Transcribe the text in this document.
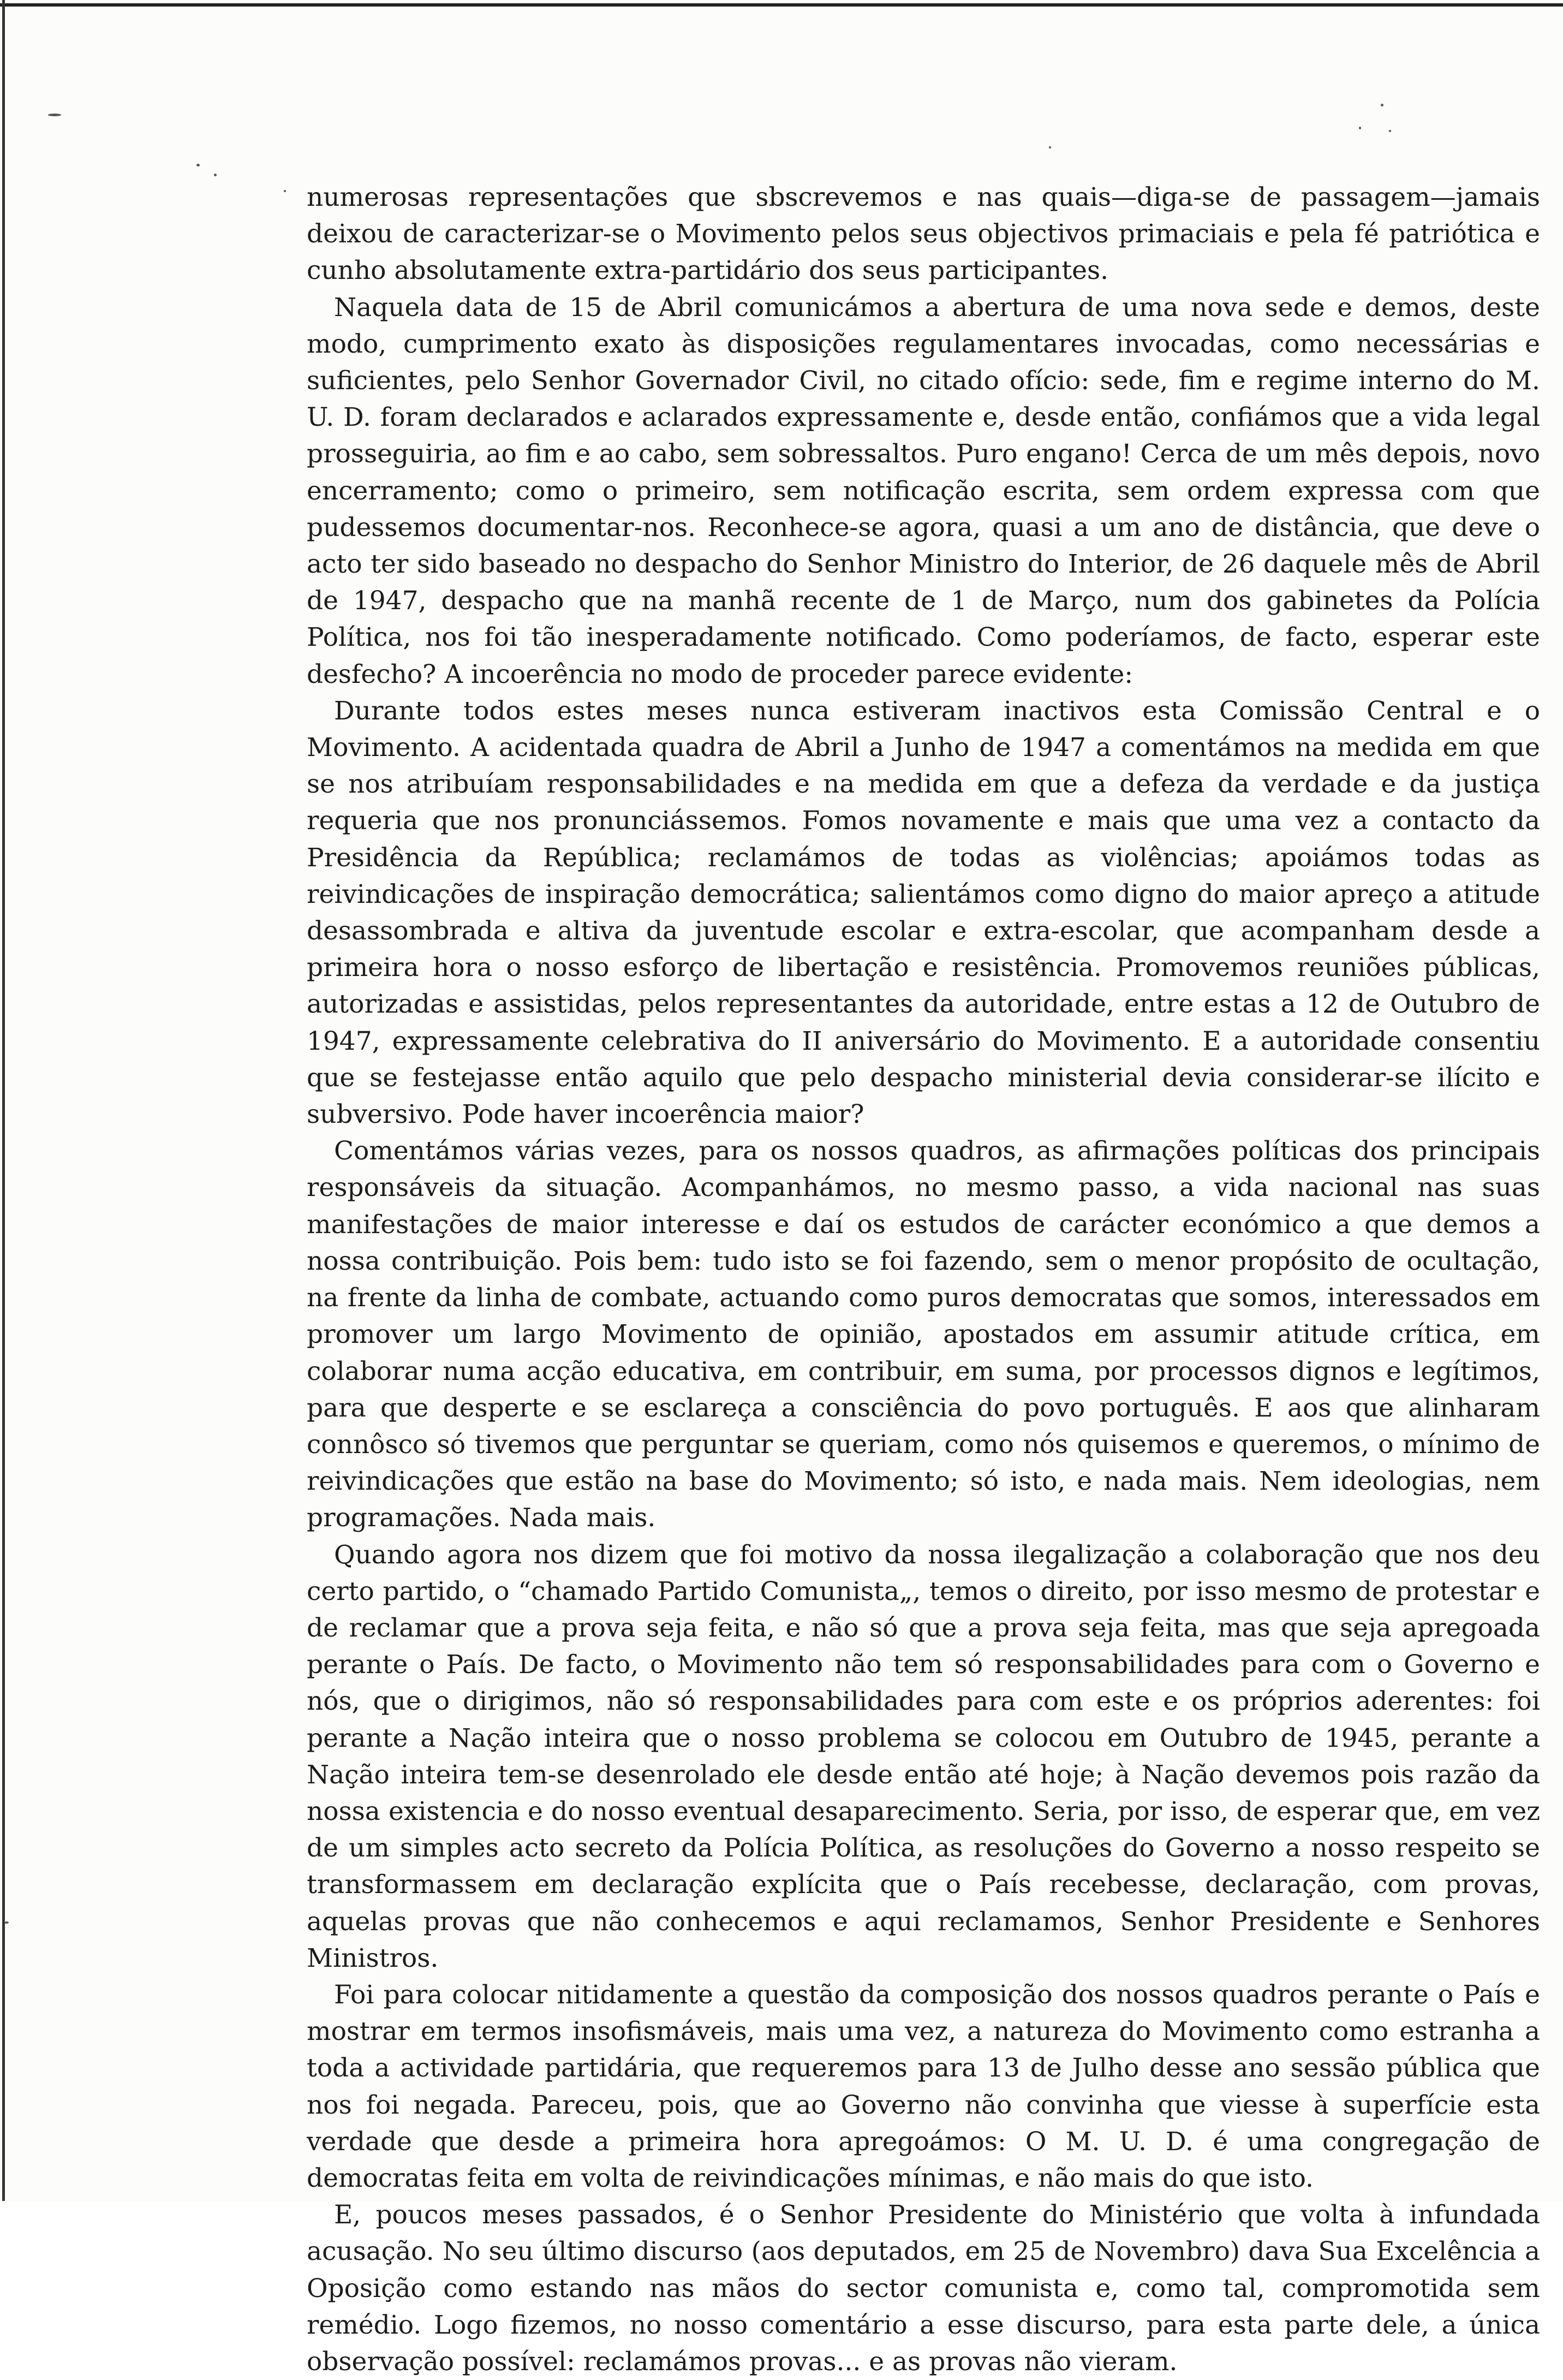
numerosas representações que sbscrevemos e nas quais—diga-se de passagem—jamais deixou de caracterizar-se o Movimento pelos seus objectivos primaciais e pela fé patriótica e cunho absolutamente extra-partidário dos seus participantes.

Naquela data de 15 de Abril comunicámos a abertura de uma nova sede e demos, deste modo, cumprimento exato às disposições regulamentares invocadas, como necessárias e suficientes, pelo Senhor Governador Civil, no citado ofício: sede, fim e regime interno do M. U. D. foram declarados e aclarados expressamente e, desde então, confiámos que a vida legal prosseguiria, ao fim e ao cabo, sem sobressaltos. Puro engano! Cerca de um mês depois, novo encerramento; como o primeiro, sem notificação escrita, sem ordem expressa com que pudessemos documentar-nos. Reconhece-se agora, quasi a um ano de distância, que deve o acto ter sido baseado no despacho do Senhor Ministro do Interior, de 26 daquele mês de Abril de 1947, despacho que na manhã recente de 1 de Março, num dos gabinetes da Polícia Política, nos foi tão inesperadamente notificado. Como poderíamos, de facto, esperar este desfecho? A incoerência no modo de proceder parece evidente:

Durante todos estes meses nunca estiveram inactivos esta Comissão Central e o Movimento. A acidentada quadra de Abril a Junho de 1947 a comentámos na medida em que se nos atribuíam responsabilidades e na medida em que a defeza da verdade e da justiça requeria que nos pronunciássemos. Fomos novamente e mais que uma vez a contacto da Presidência da República; reclamámos de todas as violências; apoiámos todas as reivindicações de inspiração democrática; salientámos como digno do maior apreço a atitude desassombrada e altiva da juventude escolar e extra-escolar, que acompanham desde a primeira hora o nosso esforço de libertação e resistência. Promovemos reuniões públicas, autorizadas e assistidas, pelos representantes da autoridade, entre estas a 12 de Outubro de 1947, expressamente celebrativa do II aniversário do Movimento. E a autoridade consentiu que se festejasse então aquilo que pelo despacho ministerial devia considerar-se ilícito e subversivo. Pode haver incoerência maior?

Comentámos várias vezes, para os nossos quadros, as afirmações políticas dos principais responsáveis da situação. Acompanhámos, no mesmo passo, a vida nacional nas suas manifestações de maior interesse e daí os estudos de carácter económico a que demos a nossa contribuição. Pois bem: tudo isto se foi fazendo, sem o menor propósito de ocultação, na frente da linha de combate, actuando como puros democratas que somos, interessados em promover um largo Movimento de opinião, apostados em assumir atitude crítica, em colaborar numa acção educativa, em contribuir, em suma, por processos dignos e legítimos, para que desperte e se esclareça a consciência do povo português. E aos que alinharam connôsco só tivemos que perguntar se queriam, como nós quisemos e queremos, o mínimo de reivindicações que estão na base do Movimento; só isto, e nada mais. Nem ideologias, nem programações. Nada mais.

Quando agora nos dizem que foi motivo da nossa ilegalização a colaboração que nos deu certo partido, o “chamado Partido Comunista„, temos o direito, por isso mesmo de protestar e de reclamar que a prova seja feita, e não só que a prova seja feita, mas que seja apregoada perante o País. De facto, o Movimento não tem só responsabilidades para com o Governo e nós, que o dirigimos, não só responsabilidades para com este e os próprios aderentes: foi perante a Nação inteira que o nosso problema se colocou em Outubro de 1945, perante a Nação inteira tem-se desenrolado ele desde então até hoje; à Nação devemos pois razão da nossa existencia e do nosso eventual desaparecimento. Seria, por isso, de esperar que, em vez de um simples acto secreto da Polícia Política, as resoluções do Governo a nosso respeito se transformassem em declaração explícita que o País recebesse, declaração, com provas, aquelas provas que não conhecemos e aqui reclamamos, Senhor Presidente e Senhores Ministros.

Foi para colocar nitidamente a questão da composição dos nossos quadros perante o País e mostrar em termos insofismáveis, mais uma vez, a natureza do Movimento como estranha a toda a actividade partidária, que requeremos para 13 de Julho desse ano sessão pública que nos foi negada. Pareceu, pois, que ao Governo não convinha que viesse à superfície esta verdade que desde a primeira hora apregoámos: O M. U. D. é uma congregação de democratas feita em volta de reivindicações mínimas, e não mais do que isto.

E, poucos meses passados, é o Senhor Presidente do Ministério que volta à infundada acusação. No seu último discurso (aos deputados, em 25 de Novembro) dava Sua Excelência a Oposição como estando nas mãos do sector comunista e, como tal, compromotida sem remédio. Logo fizemos, no nosso comentário a esse discurso, para esta parte dele, a única observação possível: reclamámos provas... e as provas não vieram.
